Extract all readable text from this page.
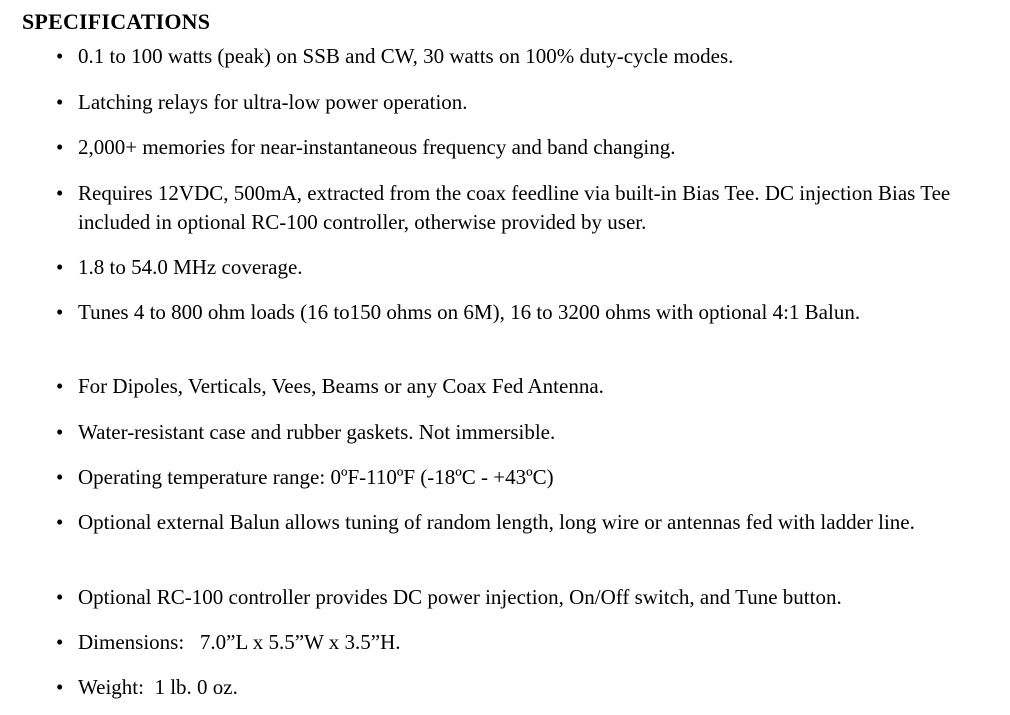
SPECIFICATIONS
• 0.1 to 100 watts (peak) on SSB and CW, 30 watts on 100% duty-cycle modes.
• Latching relays for ultra-low power operation.
• 2,000+ memories for near-instantaneous frequency and band changing.
• Requires 12VDC, 500mA, extracted from the coax feedline via built-in Bias Tee. DC injection Bias Tee included in optional RC-100 controller, otherwise provided by user.
• 1.8 to 54.0 MHz coverage.
• Tunes 4 to 800 ohm loads (16 to150 ohms on 6M), 16 to 3200 ohms with optional 4:1 Balun.
• For Dipoles, Verticals, Vees, Beams or any Coax Fed Antenna.
• Water-resistant case and rubber gaskets. Not immersible.
• Operating temperature range: 0ºF-110ºF (-18ºC - +43ºC)
• Optional external Balun allows tuning of random length, long wire or antennas fed with ladder line.
• Optional RC-100 controller provides DC power injection, On/Off switch, and Tune button.
• Dimensions:   7.0”L x 5.5”W x 3.5”H.
• Weight:  1 lb. 0 oz.
